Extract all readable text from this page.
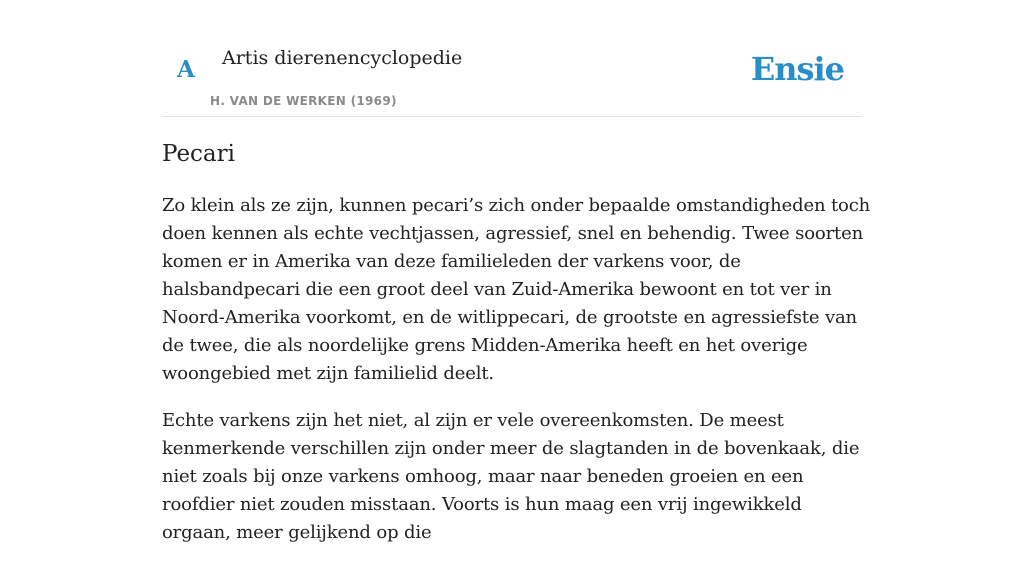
A Artis dierenencyclopedie
H. VAN DE WERKEN (1969)
Ensie
Pecari

Zo klein als ze zijn, kunnen pecari’s zich onder bepaalde omstandigheden toch doen kennen als echte vechtjassen, agressief, snel en behendig. Twee soorten komen er in Amerika van deze familieleden der varkens voor, de halsbandpecari die een groot deel van Zuid-Amerika bewoont en tot ver in Noord-Amerika voorkomt, en de witlippecari, de grootste en agressiefste van de twee, die als noordelijke grens Midden-Amerika heeft en het overige woongebied met zijn familielid deelt.

Echte varkens zijn het niet, al zijn er vele overeenkomsten. De meest kenmerkende verschillen zijn onder meer de slagtanden in de bovenkaak, die niet zoals bij onze varkens omhoog, maar naar beneden groeien en een roofdier niet zouden misstaan. Voorts is hun maag een vrij ingewikkeld orgaan, meer gelijkend op die
